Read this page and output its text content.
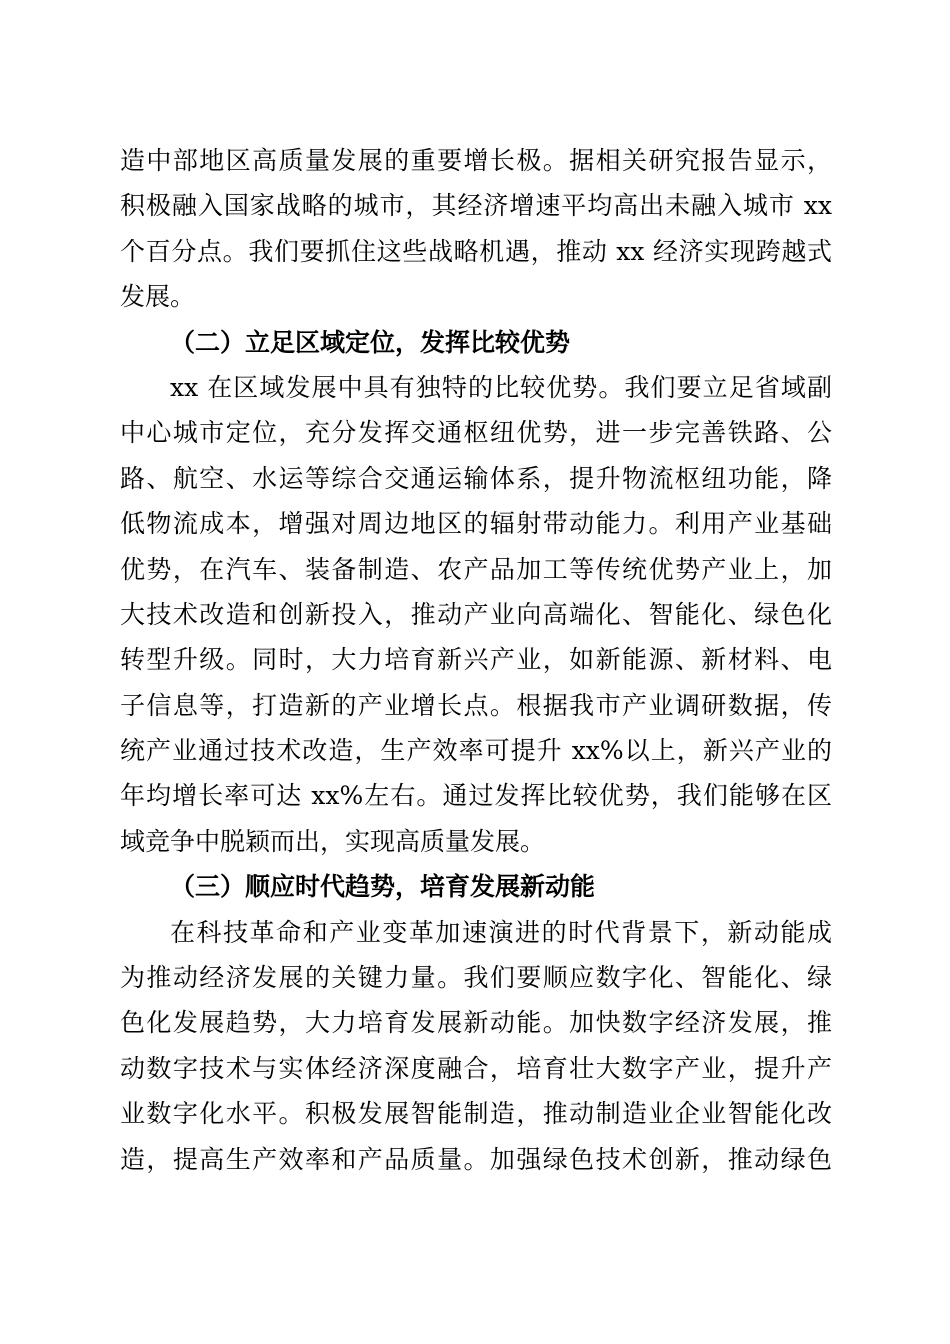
造中部地区高质量发展的重要增长极。据相关研究报告显示，
积极融入国家战略的城市，其经济增速平均高出未融入城市 xx
个百分点。我们要抓住这些战略机遇，推动 xx 经济实现跨越式
发展。
（二）立足区域定位，发挥比较优势
xx 在区域发展中具有独特的比较优势。我们要立足省域副
中心城市定位，充分发挥交通枢纽优势，进一步完善铁路、公
路、航空、水运等综合交通运输体系，提升物流枢纽功能，降
低物流成本，增强对周边地区的辐射带动能力。利用产业基础
优势，在汽车、装备制造、农产品加工等传统优势产业上，加
大技术改造和创新投入，推动产业向高端化、智能化、绿色化
转型升级。同时，大力培育新兴产业，如新能源、新材料、电
子信息等，打造新的产业增长点。根据我市产业调研数据，传
统产业通过技术改造，生产效率可提升 xx%以上，新兴产业的
年均增长率可达 xx%左右。通过发挥比较优势，我们能够在区
域竞争中脱颖而出，实现高质量发展。
（三）顺应时代趋势，培育发展新动能
在科技革命和产业变革加速演进的时代背景下，新动能成
为推动经济发展的关键力量。我们要顺应数字化、智能化、绿
色化发展趋势，大力培育发展新动能。加快数字经济发展，推
动数字技术与实体经济深度融合，培育壮大数字产业，提升产
业数字化水平。积极发展智能制造，推动制造业企业智能化改
造，提高生产效率和产品质量。加强绿色技术创新，推动绿色
